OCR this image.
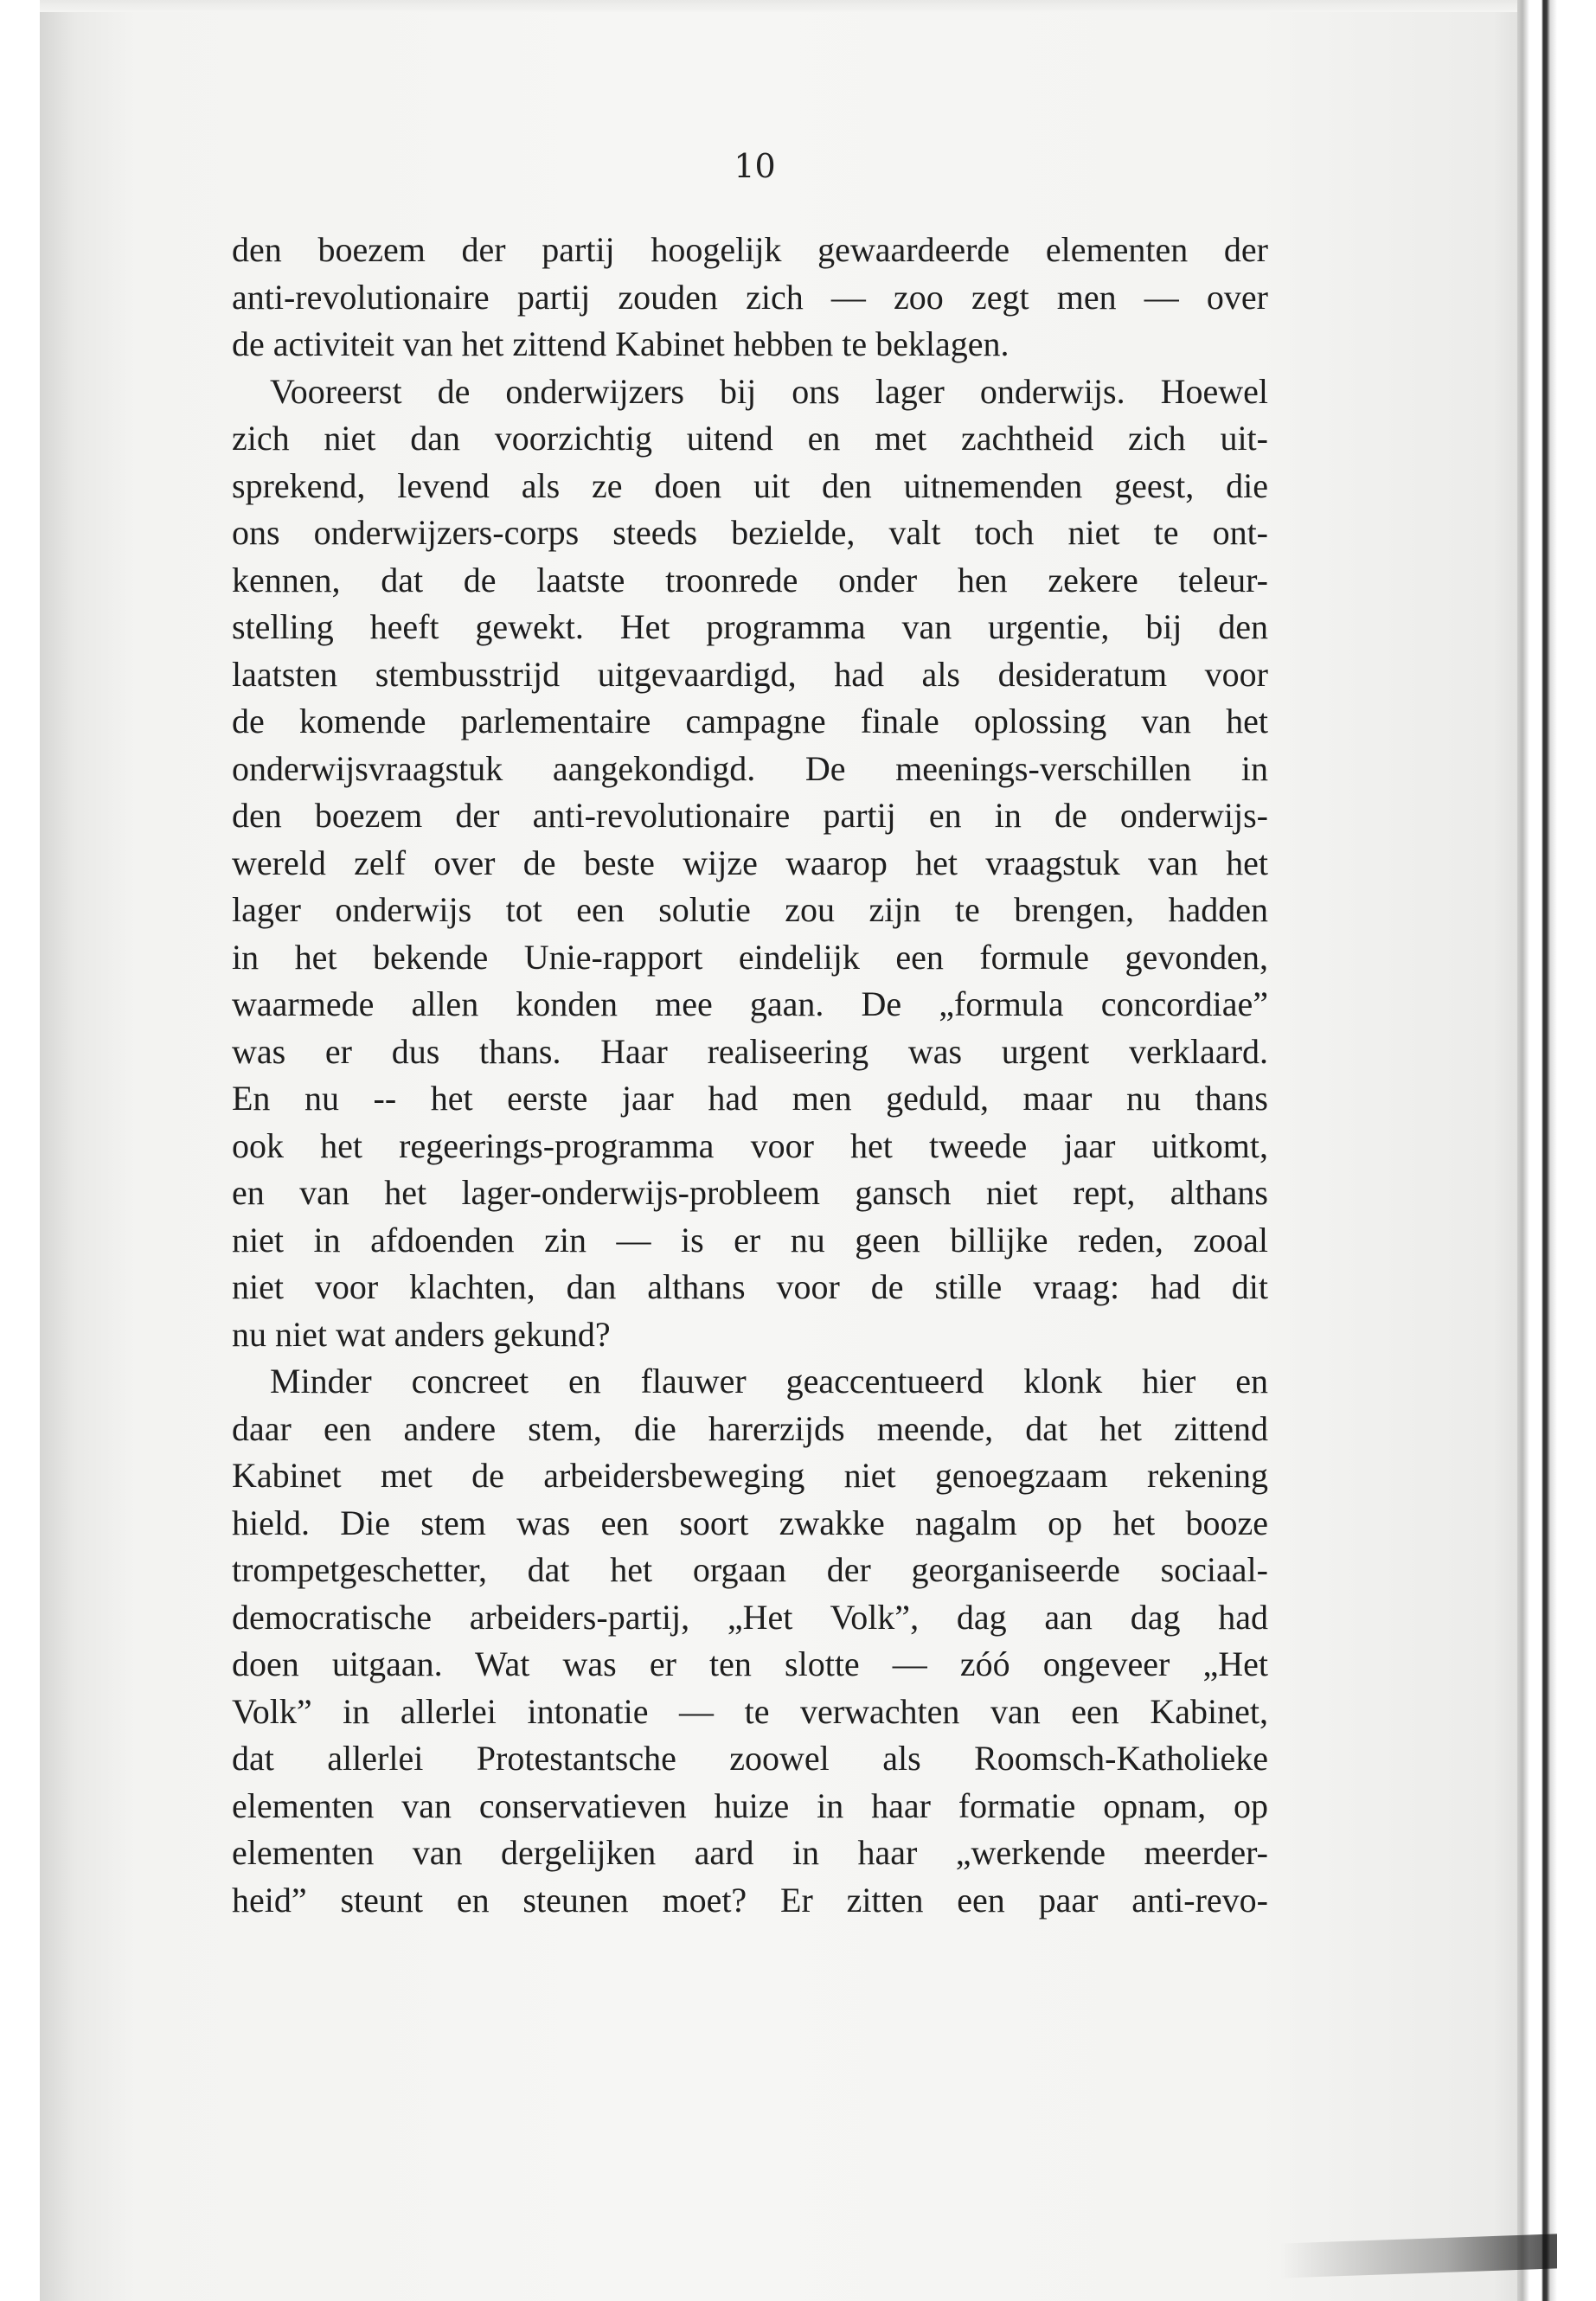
10

den boezem der partij hoogelijk gewaardeerde elementen der
anti-revolutionaire partij zouden zich — zoo zegt men — over
de activiteit van het zittend Kabinet hebben te beklagen.
Vooreerst de onderwijzers bij ons lager onderwijs. Hoewel
zich niet dan voorzichtig uitend en met zachtheid zich uit-
sprekend, levend als ze doen uit den uitnemenden geest, die
ons onderwijzers-corps steeds bezielde, valt toch niet te ont-
kennen, dat de laatste troonrede onder hen zekere teleur-
stelling heeft gewekt. Het programma van urgentie, bij den
laatsten stembusstrijd uitgevaardigd, had als desideratum voor
de komende parlementaire campagne finale oplossing van het
onderwijsvraagstuk aangekondigd. De meenings-verschillen in
den boezem der anti-revolutionaire partij en in de onderwijs-
wereld zelf over de beste wijze waarop het vraagstuk van het
lager onderwijs tot een solutie zou zijn te brengen, hadden
in het bekende Unie-rapport eindelijk een formule gevonden,
waarmede allen konden mee gaan. De „formula concordiae”
was er dus thans. Haar realiseering was urgent verklaard.
En nu -- het eerste jaar had men geduld, maar nu thans
ook het regeerings-programma voor het tweede jaar uitkomt,
en van het lager-onderwijs-probleem gansch niet rept, althans
niet in afdoenden zin — is er nu geen billijke reden, zooal
niet voor klachten, dan althans voor de stille vraag: had dit
nu niet wat anders gekund?
Minder concreet en flauwer geaccentueerd klonk hier en
daar een andere stem, die harerzijds meende, dat het zittend
Kabinet met de arbeidersbeweging niet genoegzaam rekening
hield. Die stem was een soort zwakke nagalm op het booze
trompetgeschetter, dat het orgaan der georganiseerde sociaal-
democratische arbeiders-partij, „Het Volk”, dag aan dag had
doen uitgaan. Wat was er ten slotte — zóó ongeveer „Het
Volk” in allerlei intonatie — te verwachten van een Kabinet,
dat allerlei Protestantsche zoowel als Roomsch-Katholieke
elementen van conservatieven huize in haar formatie opnam, op
elementen van dergelijken aard in haar „werkende meerder-
heid” steunt en steunen moet? Er zitten een paar anti-revo-
